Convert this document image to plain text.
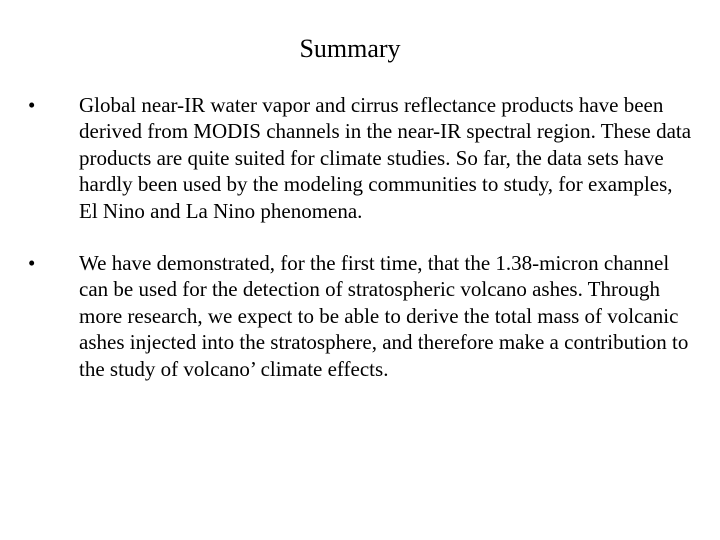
Summary
•	Global near-IR water vapor and cirrus reflectance products have been derived from MODIS channels in the near-IR spectral region. These data products are quite suited for climate studies. So far, the data sets have hardly been used by the modeling communities to study, for examples, El Nino and La Nino phenomena.
•	We have demonstrated, for the first time, that the 1.38-micron channel can be used for the detection of stratospheric volcano ashes. Through more research, we expect to be able to derive the total mass of volcanic ashes injected into the stratosphere, and therefore make a contribution to the study of volcano’ climate effects.
